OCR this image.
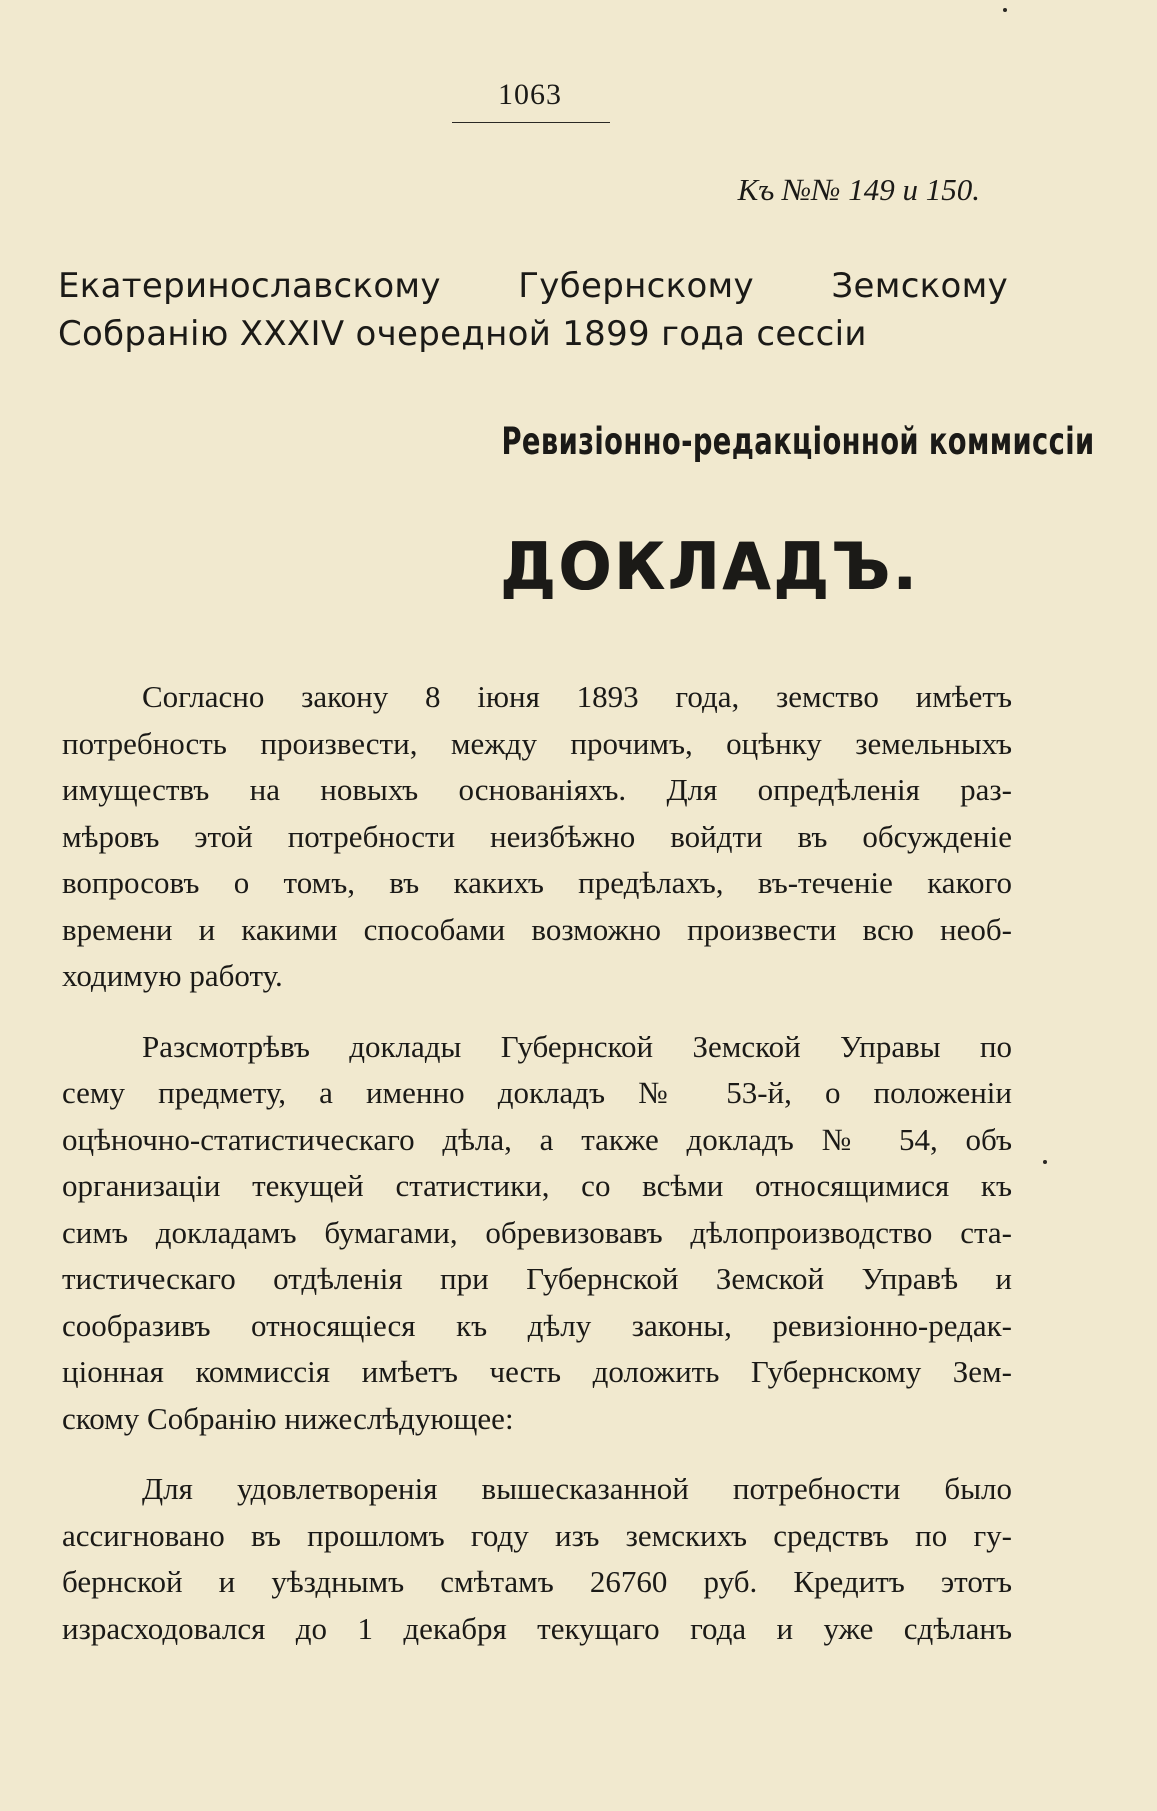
1063
Къ №№ 149 и 150.
Екатеринославскому Губернскому Земскому
Собранію XXXIV очередной 1899 года сессіи
Ревизіонно-редакціонной коммиссіи
ДОКЛАДЪ.

Согласно закону 8 іюня 1893 года, земство имѣетъ
потребность произвести, между прочимъ, оцѣнку земельныхъ
имуществъ на новыхъ основаніяхъ. Для опредѣленія раз-
мѣровъ этой потребности неизбѣжно войдти въ обсужденіе
вопросовъ о томъ, въ какихъ предѣлахъ, въ-теченіе какого
времени и какими способами возможно произвести всю необ-
ходимую работу.

Разсмотрѣвъ доклады Губернской Земской Управы по
сему предмету, а именно докладъ № 53-й, о положеніи
оцѣночно-статистическаго дѣла, а также докладъ № 54, объ
организаціи текущей статистики, со всѣми относящимися къ
симъ докладамъ бумагами, обревизовавъ дѣлопроизводство ста-
тистическаго отдѣленія при Губернской Земской Управѣ и
сообразивъ относящіеся къ дѣлу законы, ревизіонно-редак-
ціонная коммиссія имѣетъ честь доложить Губернскому Зем-
скому Собранію нижеслѣдующее:

Для удовлетворенія вышесказанной потребности было
ассигновано въ прошломъ году изъ земскихъ средствъ по гу-
бернской и уѣзднымъ смѣтамъ 26760 руб. Кредитъ этотъ
израсходовался до 1 декабря текущаго года и уже сдѣланъ
